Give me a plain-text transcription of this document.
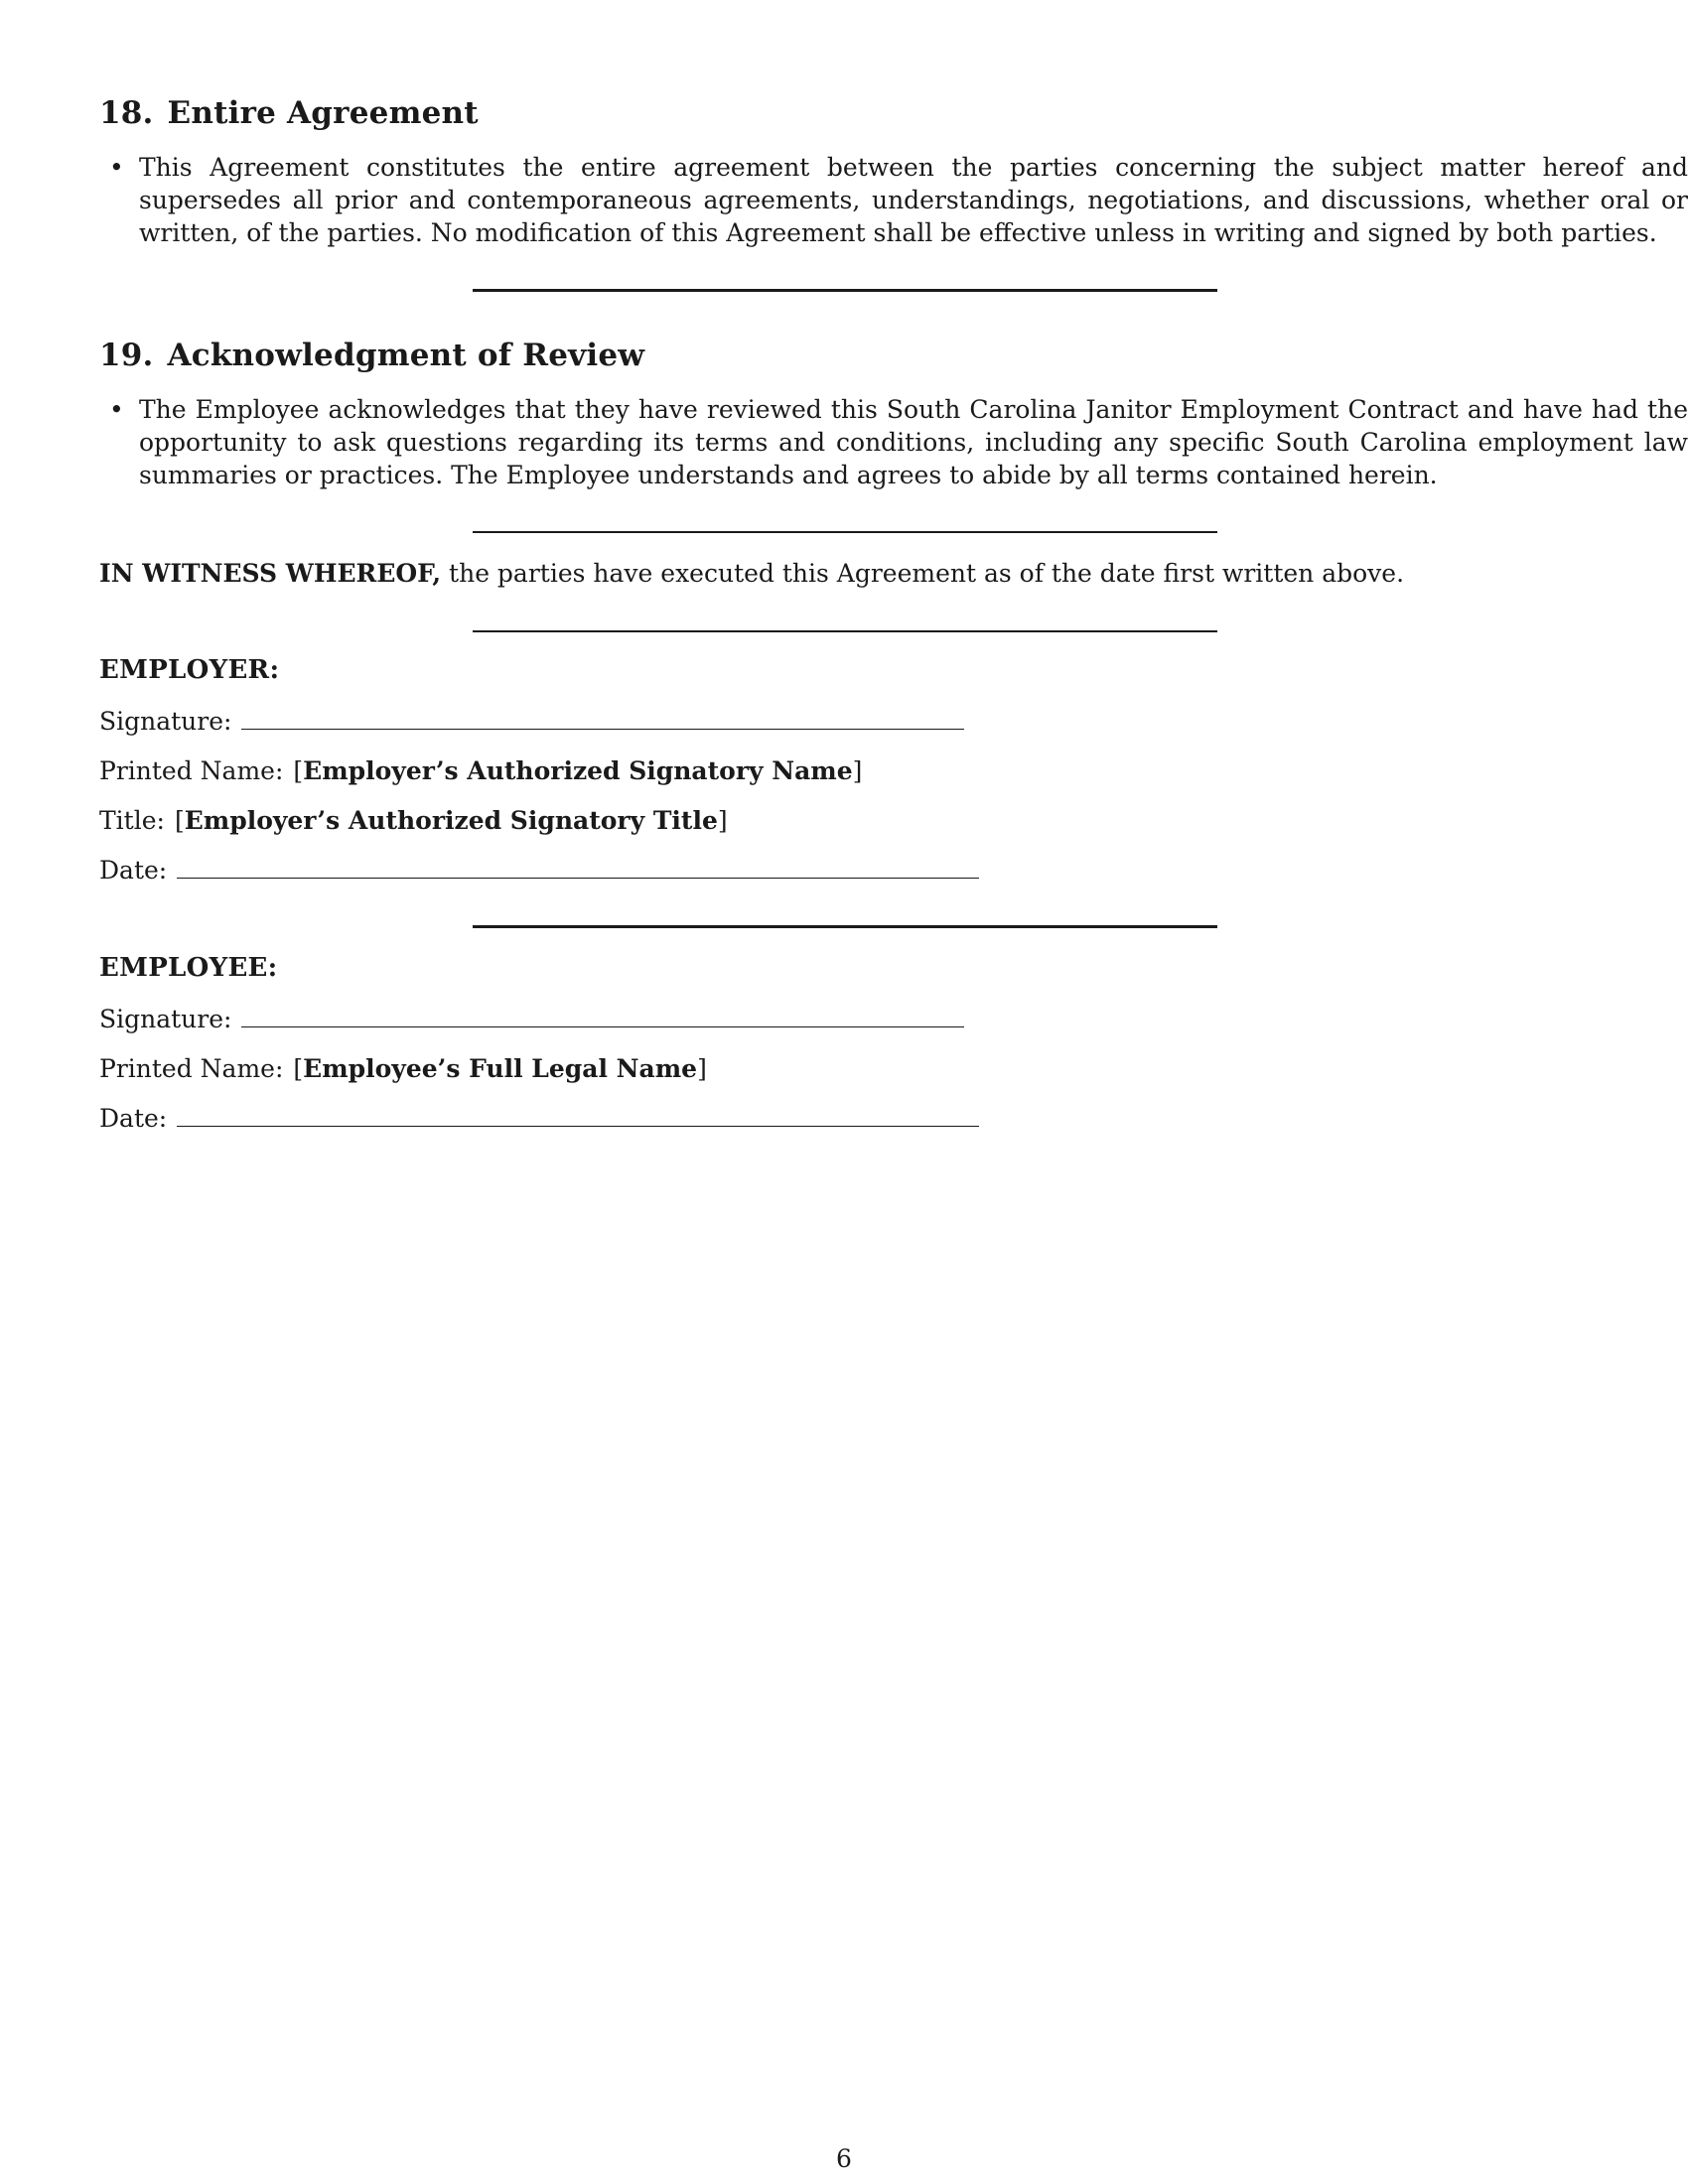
18. Entire Agreement
• This Agreement constitutes the entire agreement between the parties concerning the subject matter hereof and supersedes all prior and contemporaneous agreements, understandings, negotiations, and discussions, whether oral or written, of the parties. No modification of this Agreement shall be effective unless in writing and signed by both parties.
19. Acknowledgment of Review
• The Employee acknowledges that they have reviewed this South Carolina Janitor Employment Contract and have had the opportunity to ask questions regarding its terms and conditions, including any specific South Carolina employment law summaries or practices. The Employee understands and agrees to abide by all terms contained herein.
IN WITNESS WHEREOF, the parties have executed this Agreement as of the date first written above.
EMPLOYER:
Signature:
Printed Name: [ Employer’s Authorized Signatory Name ]
Title: [ Employer’s Authorized Signatory Title ]
Date:
EMPLOYEE:
Signature:
Printed Name: [ Employee’s Full Legal Name ]
Date:
6
